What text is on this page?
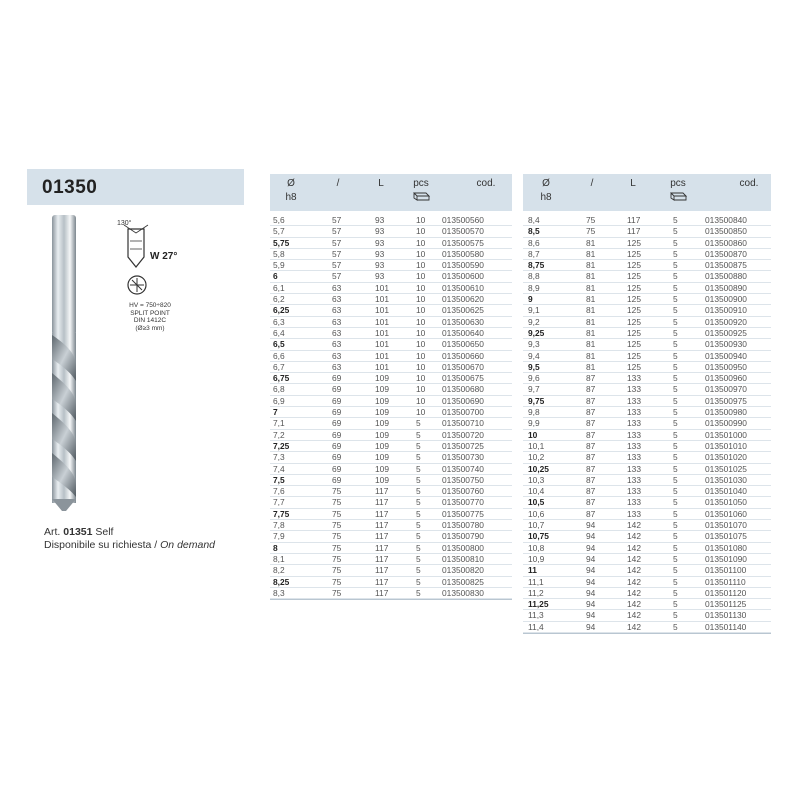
01350
130°
W 27°
HV = 750÷820
SPLIT POINT
DIN 1412C
(Ø≥3 mm)
Art. 01351 Self
Disponibile su richiesta / On demand
Ø
h8
/	L	pcs	cod.
5,6	57	93	10 013500560
5,7	57	93	10 013500570
5,75	57	93	10 013500575
5,8	57	93	10 013500580
5,9	57	93	10 013500590
6	57	93	10 013500600
6,1	63	101	10 013500610
6,2	63	101	10 013500620
6,25	63	101	10 013500625
6,3	63	101	10 013500630
6,4	63	101	10 013500640
6,5	63	101	10 013500650
6,6	63	101	10 013500660
6,7	63	101	10 013500670
6,75	69	109	10 013500675
6,8	69	109	10 013500680
6,9	69	109	10 013500690
7	69	109	10 013500700
7,1	69	109	5	013500710
7,2	69	109	5	013500720
7,25	69	109	5	013500725
7,3	69	109	5	013500730
7,4	69	109	5	013500740
7,5	69	109	5	013500750
7,6	75	117	5	013500760
7,7	75	117	5	013500770
7,75	75	117	5	013500775
7,8	75	117	5	013500780
7,9	75	117	5	013500790
8	75	117	5	013500800
8,1	75	117	5	013500810
8,2	75	117	5	013500820
8,25	75	117	5	013500825
8,3	75	117	5	013500830
Ø
h8
/	L	pcs	cod.
8,4	75	117	5	013500840
8,5	75	117	5	013500850
8,6	81	125	5	013500860
8,7	81	125	5	013500870
8,75	81	125	5	013500875
8,8	81	125	5	013500880
8,9	81	125	5	013500890
9	81	125	5	013500900
9,1	81	125	5	013500910
9,2	81	125	5	013500920
9,25	81	125	5	013500925
9,3	81	125	5	013500930
9,4	81	125	5	013500940
9,5	81	125	5	013500950
9,6	87	133	5	013500960
9,7	87	133	5	013500970
9,75	87	133	5	013500975
9,8	87	133	5	013500980
9,9	87	133	5	013500990
10	87	133	5	013501000
10,1	87	133	5	013501010
10,2	87	133	5	013501020
10,25	87	133	5	013501025
10,3	87	133	5	013501030
10,4	87	133	5	013501040
10,5	87	133	5	013501050
10,6	87	133	5	013501060
10,7	94	142	5	013501070
10,75	94	142	5	013501075
10,8	94	142	5	013501080
10,9	94	142	5	013501090
11	94	142	5	013501100
11,1	94	142	5	013501110
11,2	94	142	5	013501120
11,25	94	142	5	013501125
11,3	94	142	5	013501130
11,4	94	142	5	013501140
